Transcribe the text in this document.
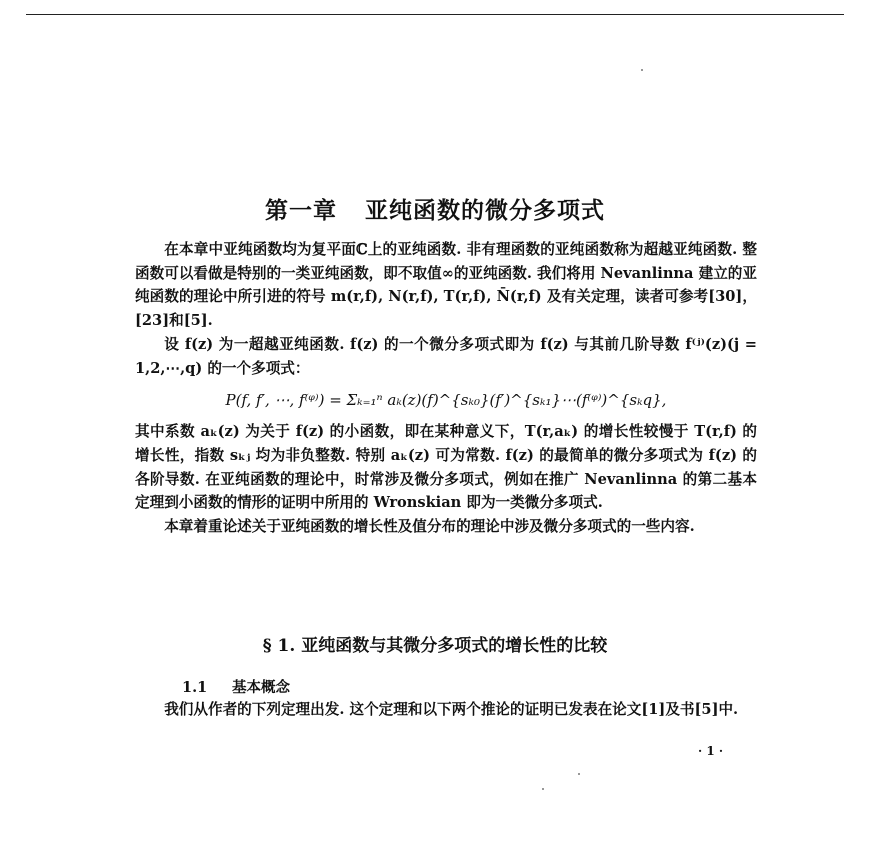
第一章 亚纯函数的微分多项式

在本章中亚纯函数均为复平面ℂ上的亚纯函数. 非有理函数的亚纯函数称为超越亚纯函数. 整函数可以看做是特别的一类亚纯函数，即不取值∞的亚纯函数. 我们将用 Nevanlinna 建立的亚纯函数的理论中所引进的符号 m(r,f), N(r,f), T(r,f), N̄(r,f) 及有关定理，读者可参考[30]，[23]和[5].

设 f(z) 为一超越亚纯函数. f(z) 的一个微分多项式即为 f(z) 与其前几阶导数 f⁽ʲ⁾(z)(j = 1,2,⋯,q) 的一个多项式：

P(f, f′, ⋯, f⁽ᵠ⁾) = Σₖ₌₁ⁿ aₖ(z)(f)^{sₖ₀}(f′)^{sₖ₁}⋯(f⁽ᵠ⁾)^{sₖq},

其中系数 aₖ(z) 为关于 f(z) 的小函数，即在某种意义下，T(r,aₖ) 的增长性较慢于 T(r,f) 的增长性，指数 sₖⱼ 均为非负整数. 特别 aₖ(z) 可为常数. f(z) 的最简单的微分多项式为 f(z) 的各阶导数. 在亚纯函数的理论中，时常涉及微分多项式，例如在推广 Nevanlinna 的第二基本定理到小函数的情形的证明中所用的 Wronskian 即为一类微分多项式.

本章着重论述关于亚纯函数的增长性及值分布的理论中涉及微分多项式的一些内容.

§ 1. 亚纯函数与其微分多项式的增长性的比较
1.1 基本概念

我们从作者的下列定理出发. 这个定理和以下两个推论的证明已发表在论文[1]及书[5]中.

· 1 ·
